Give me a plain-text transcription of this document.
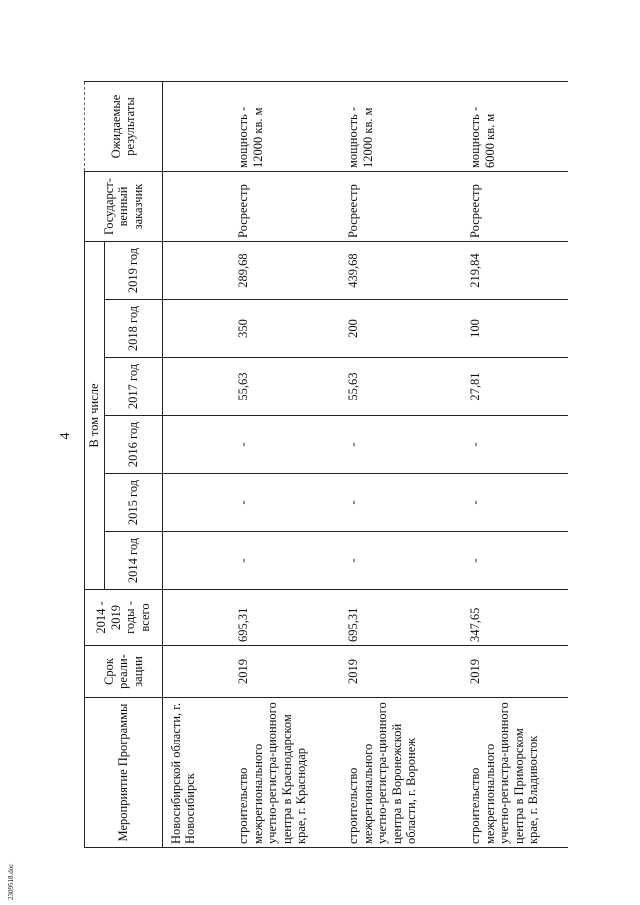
4
Мероприятие Программы	Срок реали-зации	2014 - 2019 годы - всего	В том числе						Государст-венный заказчик	Ожидаемые результаты
			2014 год	2015 год	2016 год	2017 год	2018 год	2019 год		
Новосибирской области, г. Новосибирск										
строительство межрегионального учетно-регистра-ционного центра в Краснодарском крае, г. Краснодар	2019	695,31	-	-	-	55,63	350	289,68	Росреестр	мощность - 12000 кв. м
строительство межрегионального учетно-регистра-ционного центра в Воронежской области, г. Воронеж	2019	695,31	-	-	-	55,63	200	439,68	Росреестр	мощность - 12000 кв. м
строительство межрегионального учетно-регистра-ционного центра в Приморском крае, г. Владивосток	2019	347,65	-	-	-	27,81	100	219,84	Росреестр	мощность - 6000 кв. м
2309518.doc
